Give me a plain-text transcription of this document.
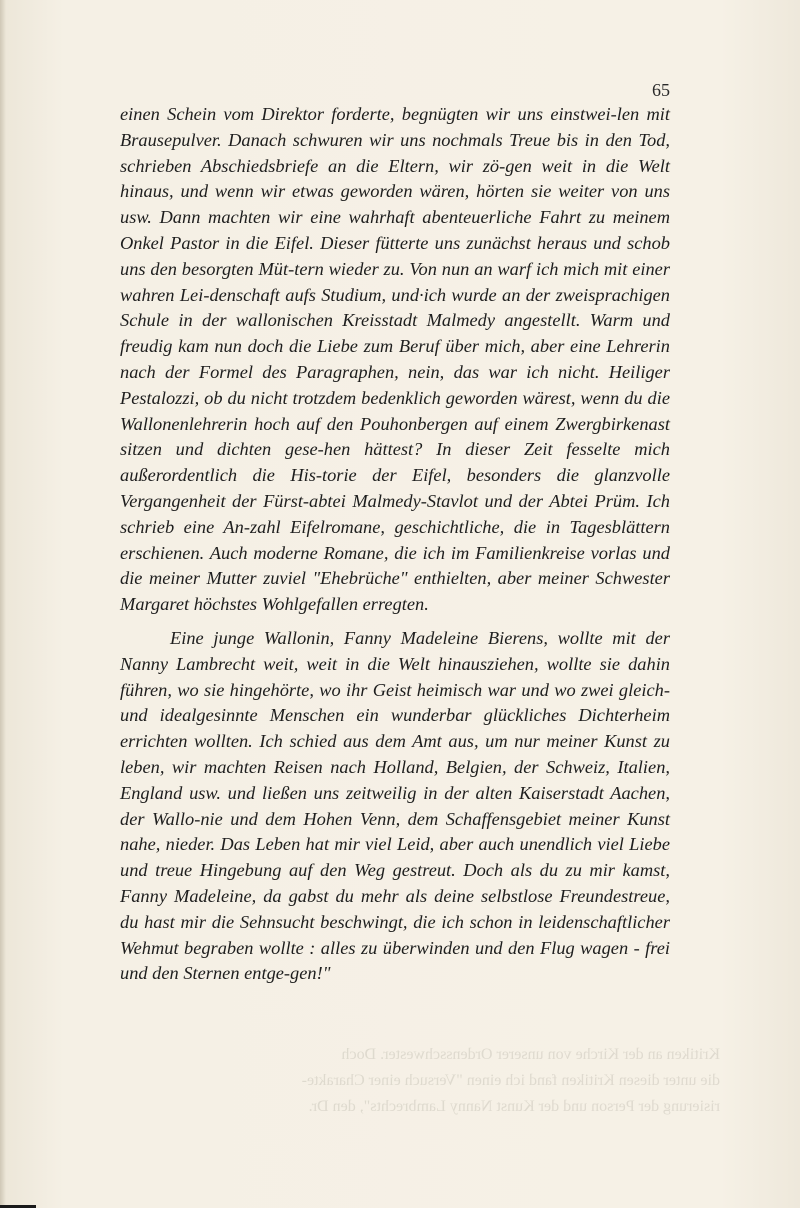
Kritiken an der Kirche von unserer Ordensschwester. Doch
die unter diesen Kritiken fand ich einen "Versuch einer Charakte-
risierung der Person und der Kunst Nanny Lambrechts", den Dr.
65

einen Schein vom Direktor forderte, begnügten wir uns einstwei-len mit Brausepulver. Danach schwuren wir uns nochmals Treue bis in den Tod, schrieben Abschiedsbriefe an die Eltern, wir zö-gen weit in die Welt hinaus, und wenn wir etwas geworden wären, hörten sie weiter von uns usw. Dann machten wir eine wahrhaft abenteuerliche Fahrt zu meinem Onkel Pastor in die Eifel. Dieser fütterte uns zunächst heraus und schob uns den besorgten Müt-tern wieder zu. Von nun an warf ich mich mit einer wahren Lei-denschaft aufs Studium, und·ich wurde an der zweisprachigen Schule in der wallonischen Kreisstadt Malmedy angestellt. Warm und freudig kam nun doch die Liebe zum Beruf über mich, aber eine Lehrerin nach der Formel des Paragraphen, nein, das war ich nicht. Heiliger Pestalozzi, ob du nicht trotzdem bedenklich geworden wärest, wenn du die Wallonenlehrerin hoch auf den Pouhonbergen auf einem Zwergbirkenast sitzen und dichten gese-hen hättest? In dieser Zeit fesselte mich außerordentlich die His-torie der Eifel, besonders die glanzvolle Vergangenheit der Fürst-abtei Malmedy-Stavlot und der Abtei Prüm. Ich schrieb eine An-zahl Eifelromane, geschichtliche, die in Tagesblättern erschienen. Auch moderne Romane, die ich im Familienkreise vorlas und die meiner Mutter zuviel "Ehebrüche" enthielten, aber meiner Schwester Margaret höchstes Wohlgefallen erregten.

Eine junge Wallonin, Fanny Madeleine Bierens, wollte mit der Nanny Lambrecht weit, weit in die Welt hinausziehen, wollte sie dahin führen, wo sie hingehörte, wo ihr Geist heimisch war und wo zwei gleich- und idealgesinnte Menschen ein wunderbar glückliches Dichterheim errichten wollten. Ich schied aus dem Amt aus, um nur meiner Kunst zu leben, wir machten Reisen nach Holland, Belgien, der Schweiz, Italien, England usw. und ließen uns zeitweilig in der alten Kaiserstadt Aachen, der Wallo-nie und dem Hohen Venn, dem Schaffensgebiet meiner Kunst nahe, nieder. Das Leben hat mir viel Leid, aber auch unendlich viel Liebe und treue Hingebung auf den Weg gestreut. Doch als du zu mir kamst, Fanny Madeleine, da gabst du mehr als deine selbstlose Freundestreue, du hast mir die Sehnsucht beschwingt, die ich schon in leidenschaftlicher Wehmut begraben wollte : alles zu überwinden und den Flug wagen - frei und den Sternen entge-gen!"
